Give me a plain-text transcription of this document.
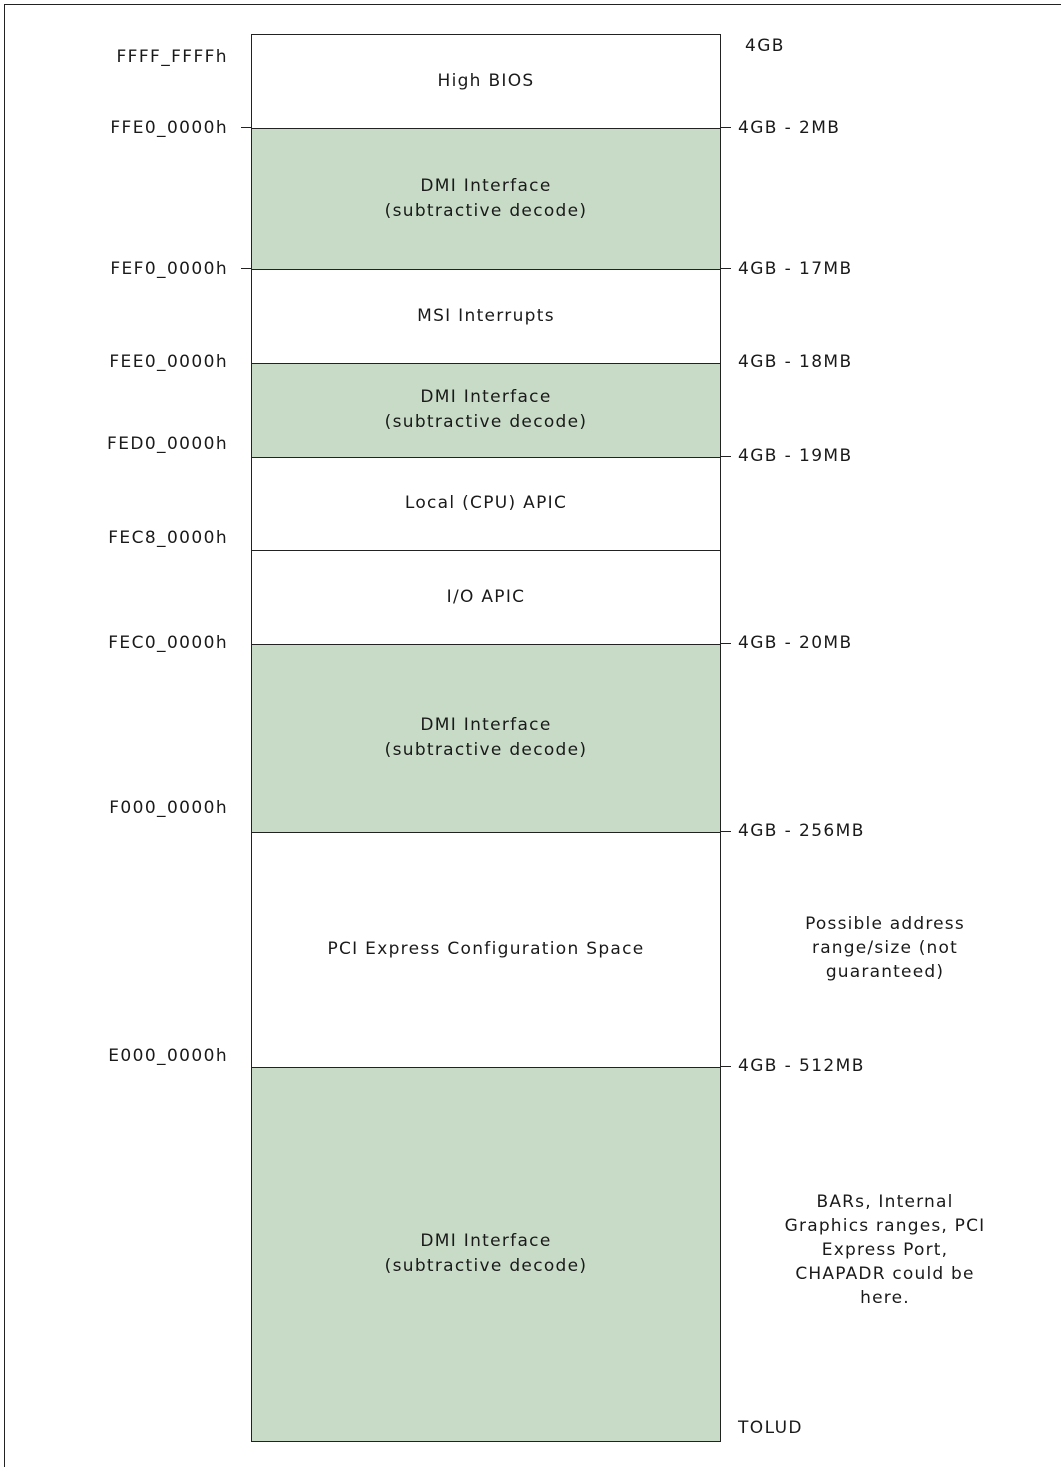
High BIOS
DMI Interface
(subtractive decode)
MSI Interrupts
DMI Interface
(subtractive decode)
Local (CPU) APIC
I/O APIC
DMI Interface
(subtractive decode)
PCI Express Configuration Space
DMI Interface
(subtractive decode)
FFFF_FFFFh
FFE0_0000h
FEF0_0000h
FEE0_0000h
FED0_0000h
FEC8_0000h
FEC0_0000h
F000_0000h
E000_0000h
4GB
4GB - 2MB
4GB - 17MB
4GB - 18MB
4GB - 19MB
4GB - 20MB
4GB - 256MB
4GB - 512MB
TOLUD
Possible address
range/size (not
guaranteed)
BARs, Internal
Graphics ranges, PCI
Express Port,
CHAPADR could be
here.
